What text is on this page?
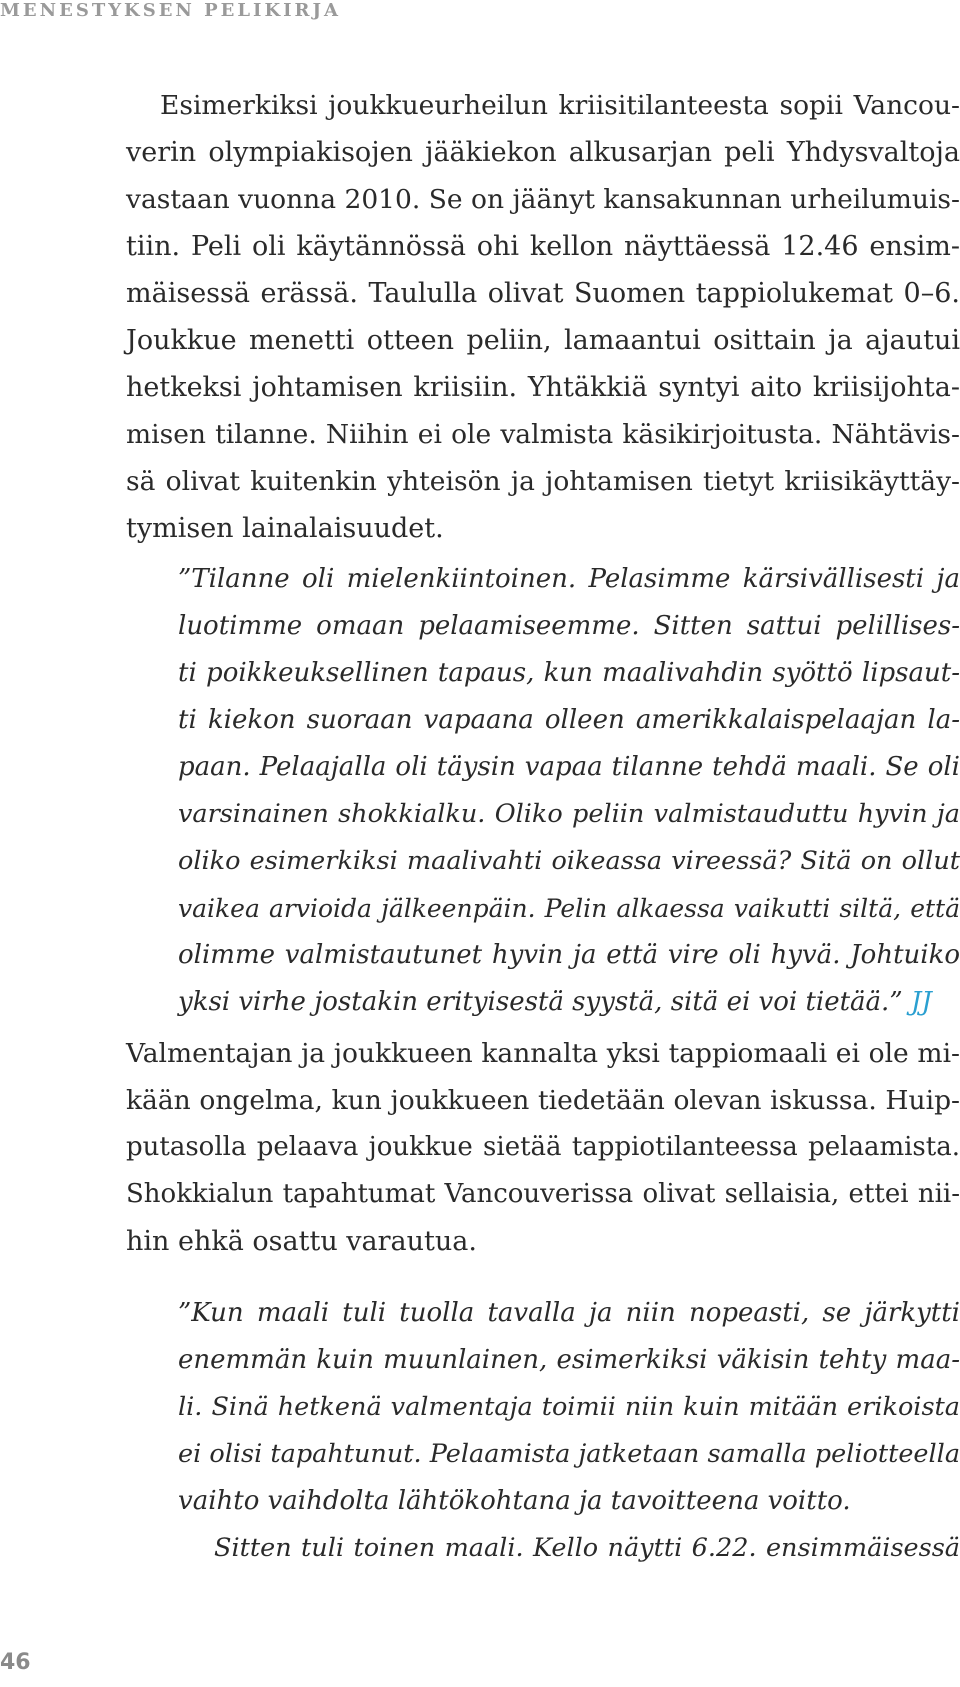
MENESTYKSEN PELIKIRJA
Esimerkiksi joukkueurheilun kriisitilanteesta sopii Vancou-
verin olympiakisojen jääkiekon alkusarjan peli Yhdysvaltoja
vastaan vuonna 2010. Se on jäänyt kansakunnan urheilumuis-
tiin. Peli oli käytännössä ohi kellon näyttäessä 12.46 ensim-
mäisessä erässä. Taululla olivat Suomen tappiolukemat 0–6.
Joukkue menetti otteen peliin, lamaantui osittain ja ajautui
hetkeksi johtamisen kriisiin. Yhtäkkiä syntyi aito kriisijohta-
misen tilanne. Niihin ei ole valmista käsikirjoitusta. Nähtävis-
sä olivat kuitenkin yhteisön ja johtamisen tietyt kriisikäyttäy-
tymisen lainalaisuudet.
”Tilanne oli mielenkiintoinen. Pelasimme kärsivällisesti ja
luotimme omaan pelaamiseemme. Sitten sattui pelillises-
ti poikkeuksellinen tapaus, kun maalivahdin syöttö lipsaut-
ti kiekon suoraan vapaana olleen amerikkalaispelaajan la-
paan. Pelaajalla oli täysin vapaa tilanne tehdä maali. Se oli
varsinainen shokkialku. Oliko peliin valmistauduttu hyvin ja
oliko esimerkiksi maalivahti oikeassa vireessä? Sitä on ollut
vaikea arvioida jälkeenpäin. Pelin alkaessa vaikutti siltä, että
olimme valmistautunet hyvin ja että vire oli hyvä. Johtuiko
yksi virhe jostakin erityisestä syystä, sitä ei voi tietää.” JJ
Valmentajan ja joukkueen kannalta yksi tappiomaali ei ole mi-
kään ongelma, kun joukkueen tiedetään olevan iskussa. Huip-
putasolla pelaava joukkue sietää tappiotilanteessa pelaamista.
Shokkialun tapahtumat Vancouverissa olivat sellaisia, ettei nii-
hin ehkä osattu varautua.
”Kun maali tuli tuolla tavalla ja niin nopeasti, se järkytti
enemmän kuin muunlainen, esimerkiksi väkisin tehty maa-
li. Sinä hetkenä valmentaja toimii niin kuin mitään erikoista
ei olisi tapahtunut. Pelaamista jatketaan samalla peliotteella
vaihto vaihdolta lähtökohtana ja tavoitteena voitto.
Sitten tuli toinen maali. Kello näytti 6.22. ensimmäisessä
46
